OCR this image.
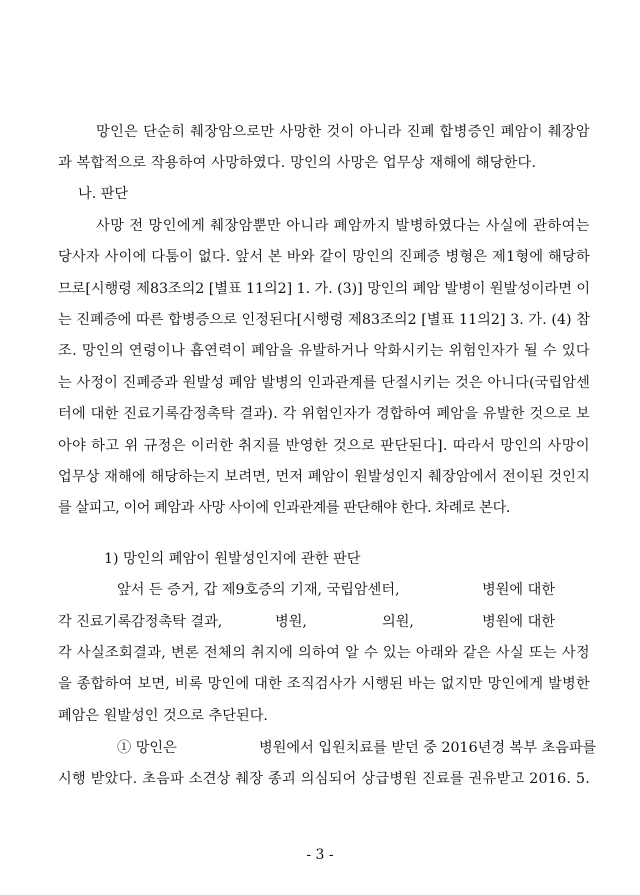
망인은 단순히 췌장암으로만 사망한 것이 아니라 진폐 합병증인 폐암이 췌장암
과 복합적으로 작용하여 사망하였다. 망인의 사망은 업무상 재해에 해당한다.
나. 판단
사망 전 망인에게 췌장암뿐만 아니라 폐암까지 발병하였다는 사실에 관하여는
당사자 사이에 다툼이 없다. 앞서 본 바와 같이 망인의 진폐증 병형은 제1형에 해당하
므로[시행령 제83조의2 [별표 11의2] 1. 가. (3)] 망인의 폐암 발병이 원발성이라면 이
는 진폐증에 따른 합병증으로 인정된다[시행령 제83조의2 [별표 11의2] 3. 가. (4) 참
조. 망인의 연령이나 흡연력이 폐암을 유발하거나 악화시키는 위험인자가 될 수 있다
는 사정이 진폐증과 원발성 폐암 발병의 인과관계를 단절시키는 것은 아니다(국립암센
터에 대한 진료기록감정촉탁 결과). 각 위험인자가 경합하여 폐암을 유발한 것으로 보
아야 하고 위 규정은 이러한 취지를 반영한 것으로 판단된다]. 따라서 망인의 사망이
업무상 재해에 해당하는지 보려면, 먼저 폐암이 원발성인지 췌장암에서 전이된 것인지
를 살피고, 이어 폐암과 사망 사이에 인과관계를 판단해야 한다. 차례로 본다.
1) 망인의 폐암이 원발성인지에 관한 판단
앞서 든 증거, 갑 제9호증의 기재, 국립암센터,	병원에 대한
각 진료기록감정촉탁 결과,	병원,	의원,	병원에 대한
각 사실조회결과, 변론 전체의 취지에 의하여 알 수 있는 아래와 같은 사실 또는 사정
을 종합하여 보면, 비록 망인에 대한 조직검사가 시행된 바는 없지만 망인에게 발병한
폐암은 원발성인 것으로 추단된다.
① 망인은	병원에서 입원치료를 받던 중 2016년경 복부 초음파를
시행 받았다. 초음파 소견상 췌장 종괴 의심되어 상급병원 진료를 권유받고 2016. 5.
- 3 -
